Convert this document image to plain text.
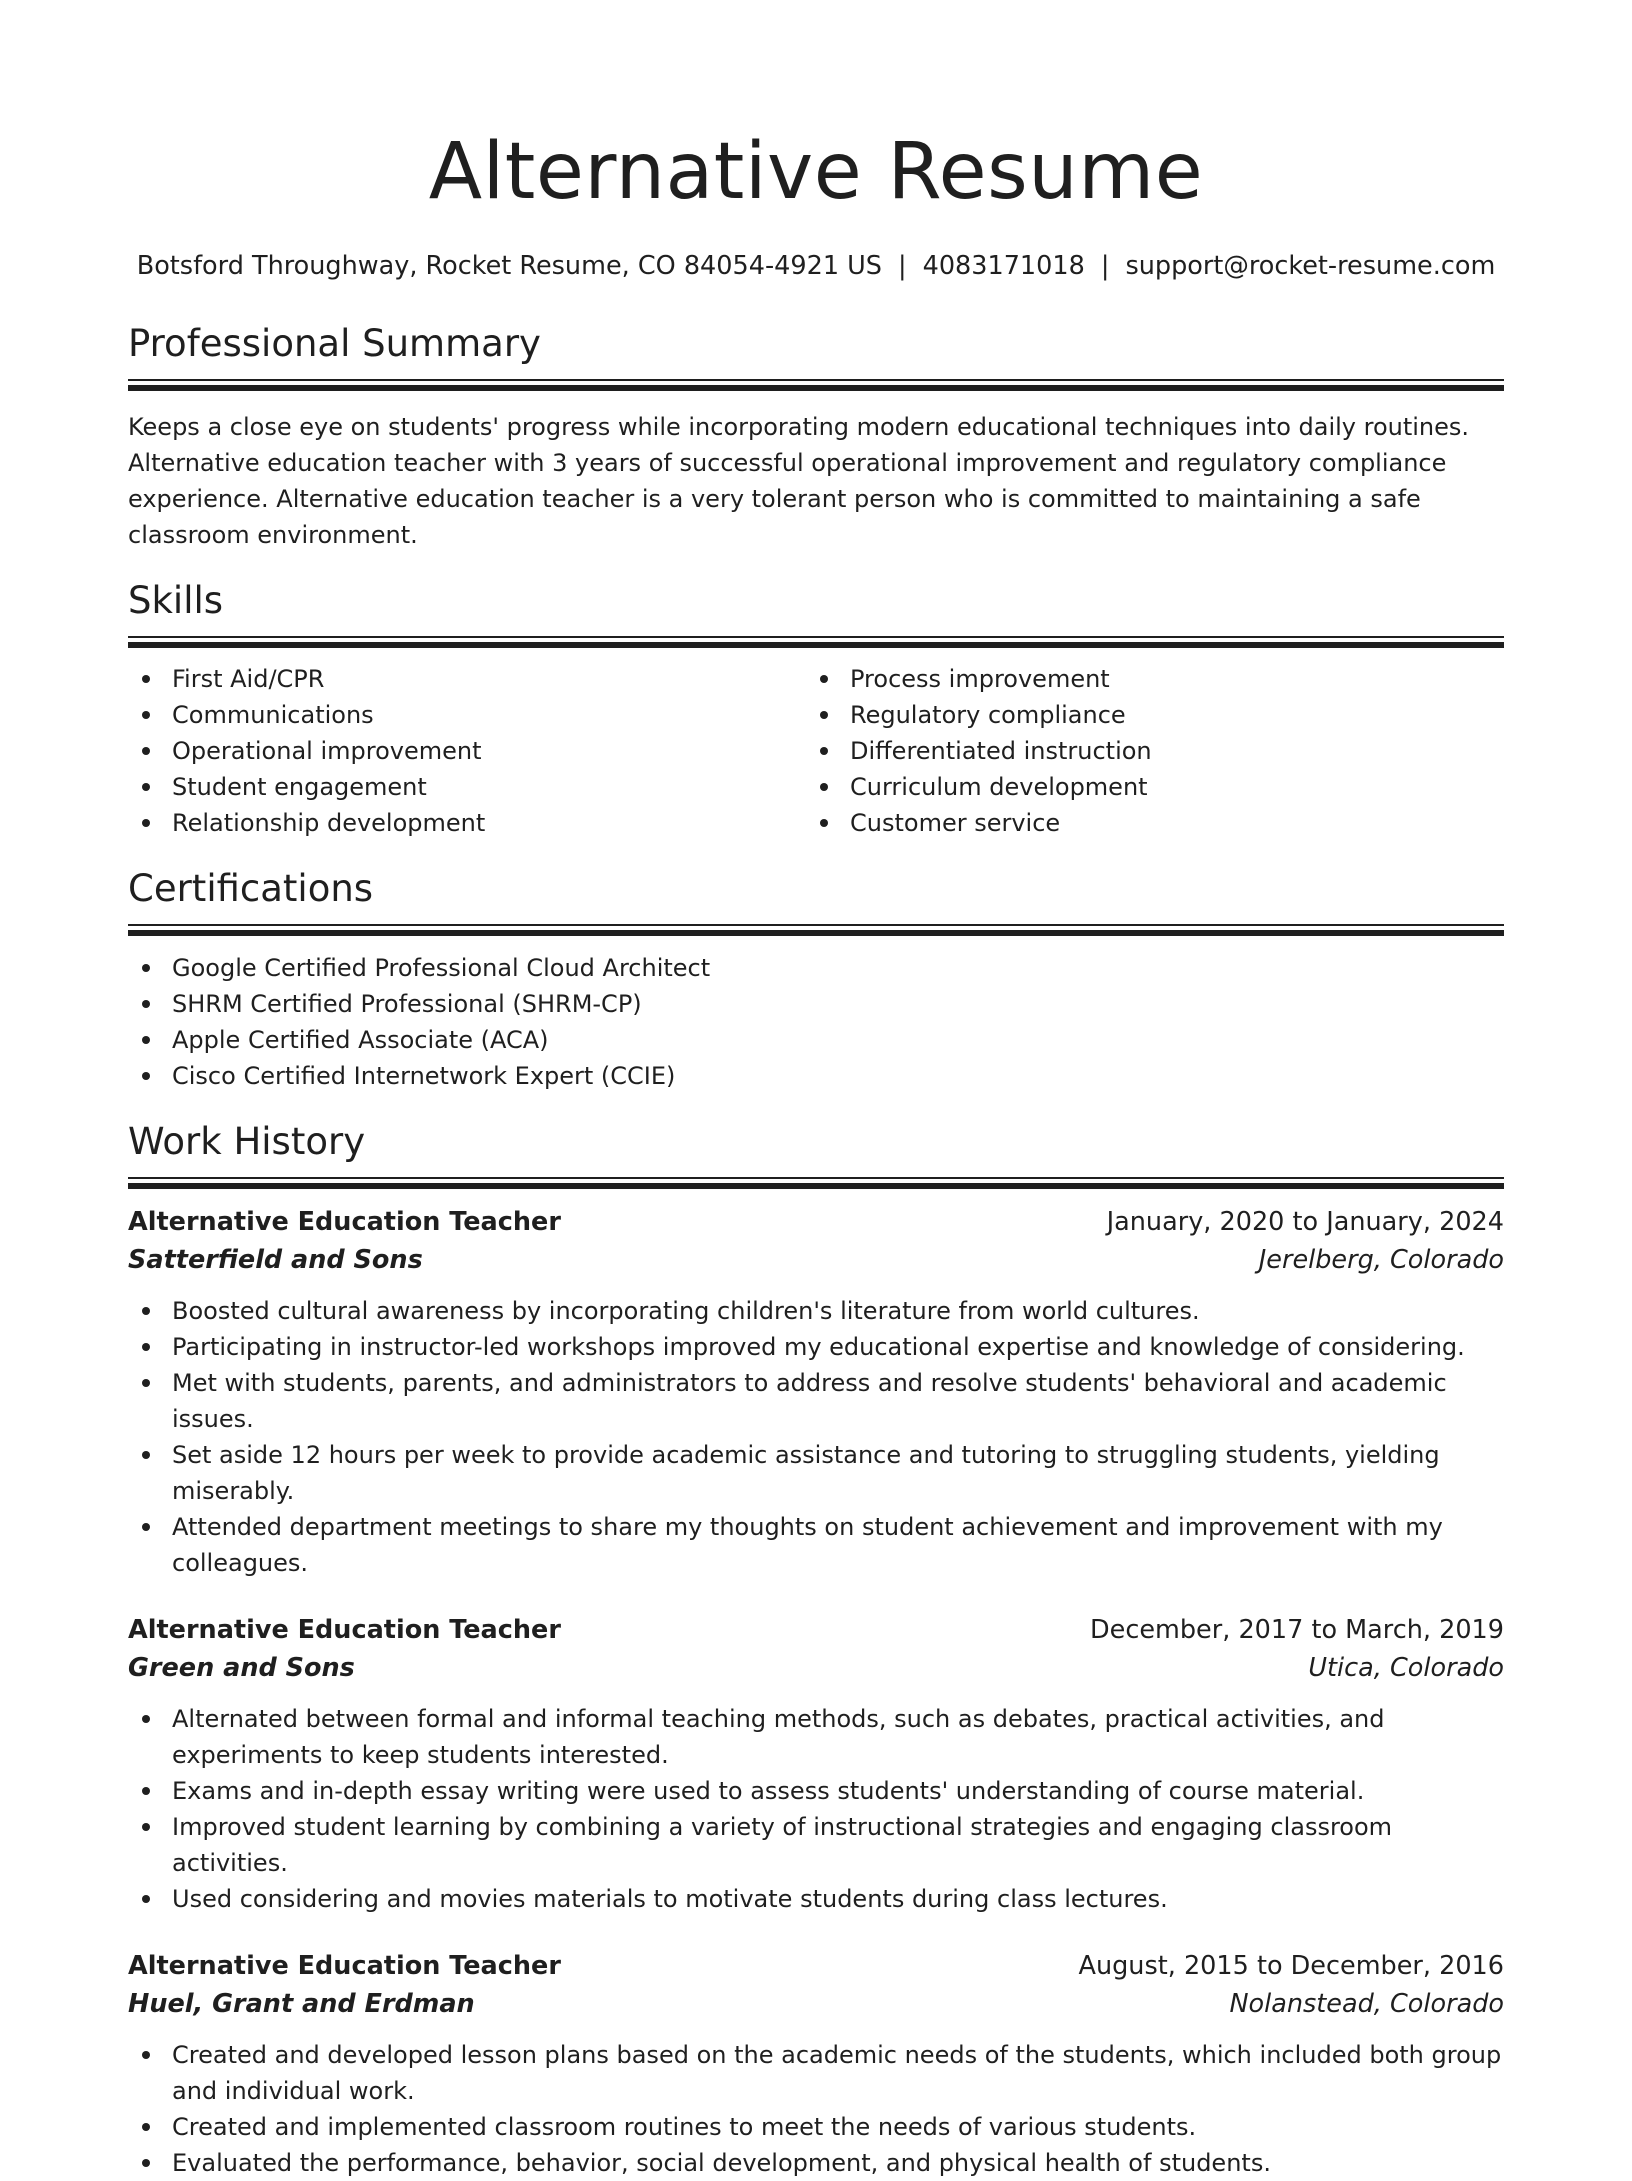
Alternative Resume
Botsford Throughway, Rocket Resume, CO 84054-4921 US | 4083171018 | support@rocket-resume.com
Professional Summary

Keeps a close eye on students' progress while incorporating modern educational techniques into daily routines. Alternative education teacher with 3 years of successful operational improvement and regulatory compliance experience. Alternative education teacher is a very tolerant person who is committed to maintaining a safe classroom environment.

Skills
First Aid/CPR
Communications
Operational improvement
Student engagement
Relationship development
Process improvement
Regulatory compliance
Differentiated instruction
Curriculum development
Customer service
Certifications
Google Certified Professional Cloud Architect
SHRM Certified Professional (SHRM-CP)
Apple Certified Associate (ACA)
Cisco Certified Internetwork Expert (CCIE)
Work History
Alternative Education Teacher	January, 2020 to January, 2024
Satterfield and Sons	Jerelberg, Colorado
Boosted cultural awareness by incorporating children's literature from world cultures.
Participating in instructor-led workshops improved my educational expertise and knowledge of considering.
Met with students, parents, and administrators to address and resolve students' behavioral and academic issues.
Set aside 12 hours per week to provide academic assistance and tutoring to struggling students, yielding miserably.
Attended department meetings to share my thoughts on student achievement and improvement with my colleagues.
Alternative Education Teacher	December, 2017 to March, 2019
Green and Sons	Utica, Colorado
Alternated between formal and informal teaching methods, such as debates, practical activities, and experiments to keep students interested.
Exams and in-depth essay writing were used to assess students' understanding of course material.
Improved student learning by combining a variety of instructional strategies and engaging classroom activities.
Used considering and movies materials to motivate students during class lectures.
Alternative Education Teacher	August, 2015 to December, 2016
Huel, Grant and Erdman	Nolanstead, Colorado
Created and developed lesson plans based on the academic needs of the students, which included both group and individual work.
Created and implemented classroom routines to meet the needs of various students.
Evaluated the performance, behavior, social development, and physical health of students.
